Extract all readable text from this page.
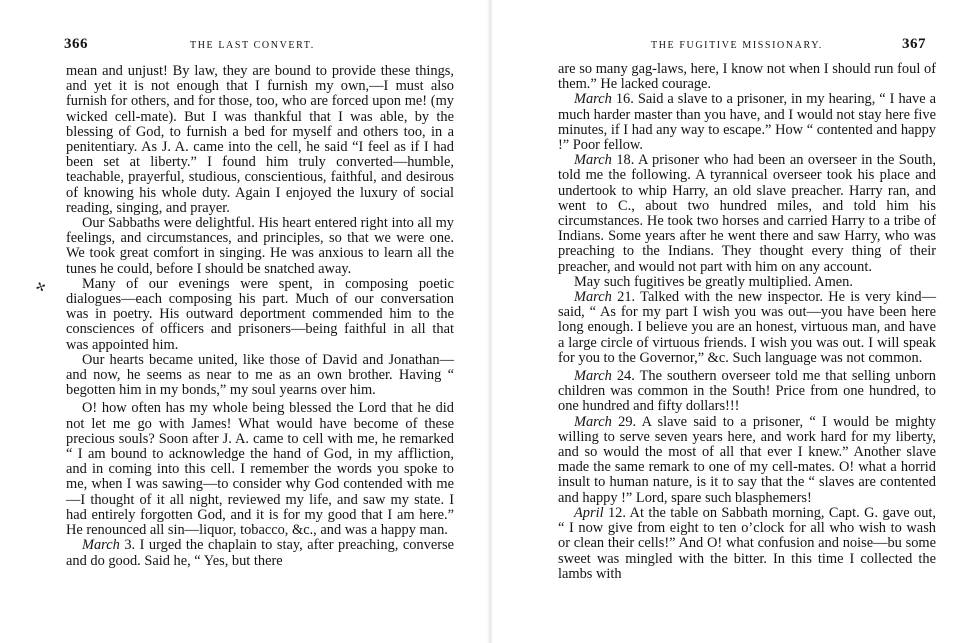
366	THE LAST CONVERT.
✢

mean and unjust! By law, they are bound to provide these things, and yet it is not enough that I furnish my own,—I must also furnish for others, and for those, too, who are forced upon me! (my wicked cell-mate). But I was thankful that I was able, by the blessing of God, to furnish a bed for myself and others too, in a penitentiary. As J. A. came into the cell, he said “I feel as if I had been set at liberty.” I found him truly converted—humble, teachable, prayerful, studious, conscientious, faithful, and desirous of knowing his whole duty. Again I enjoyed the luxury of social reading, singing, and prayer.

Our Sabbaths were delightful. His heart entered right into all my feelings, and circumstances, and principles, so that we were one. We took great comfort in singing. He was anxious to learn all the tunes he could, before I should be snatched away.

Many of our evenings were spent, in composing poetic dialogues—each composing his part. Much of our conversation was in poetry. His outward deportment commended him to the consciences of officers and prisoners—being faithful in all that was appointed him.

Our hearts became united, like those of David and Jonathan—and now, he seems as near to me as an own brother. Having “ begotten him in my bonds,” my soul yearns over him.

O! how often has my whole being blessed the Lord that he did not let me go with James! What would have become of these precious souls? Soon after J. A. came to cell with me, he remarked “ I am bound to acknowledge the hand of God, in my affliction, and in coming into this cell. I remember the words you spoke to me, when I was sawing—to consider why God contended with me—I thought of it all night, reviewed my life, and saw my state. I had entirely forgotten God, and it is for my good that I am here.” He renounced all sin—liquor, tobacco, &c., and was a happy man.

March 3. I urged the chaplain to stay, after preaching, converse and do good. Said he, “ Yes, but there

THE FUGITIVE MISSIONARY.	367

are so many gag-laws, here, I know not when I should run foul of them.” He lacked courage.

March 16. Said a slave to a prisoner, in my hearing, “ I have a much harder master than you have, and I would not stay here five minutes, if I had any way to escape.” How “ contented and happy !” Poor fellow.

March 18. A prisoner who had been an overseer in the South, told me the following. A tyrannical overseer took his place and undertook to whip Harry, an old slave preacher. Harry ran, and went to C., about two hundred miles, and told him his circumstances. He took two horses and carried Harry to a tribe of Indians. Some years after he went there and saw Harry, who was preaching to the Indians. They thought every thing of their preacher, and would not part with him on any account.

May such fugitives be greatly multiplied. Amen.

March 21. Talked with the new inspector. He is very kind—said, “ As for my part I wish you was out—you have been here long enough. I believe you are an honest, virtuous man, and have a large circle of virtuous friends. I wish you was out. I will speak for you to the Governor,” &c. Such language was not common.

March 24. The southern overseer told me that selling unborn children was common in the South! Price from one hundred, to one hundred and fifty dollars!!!

March 29. A slave said to a prisoner, “ I would be mighty willing to serve seven years here, and work hard for my liberty, and so would the most of all that ever I knew.” Another slave made the same remark to one of my cell-mates. O! what a horrid insult to human nature, is it to say that the “ slaves are contented and happy !” Lord, spare such blasphemers!

April 12. At the table on Sabbath morning, Capt. G. gave out, “ I now give from eight to ten o’clock for all who wish to wash or clean their cells!” And O! what confusion and noise—bu some sweet was mingled with the bitter. In this time I collected the lambs with
